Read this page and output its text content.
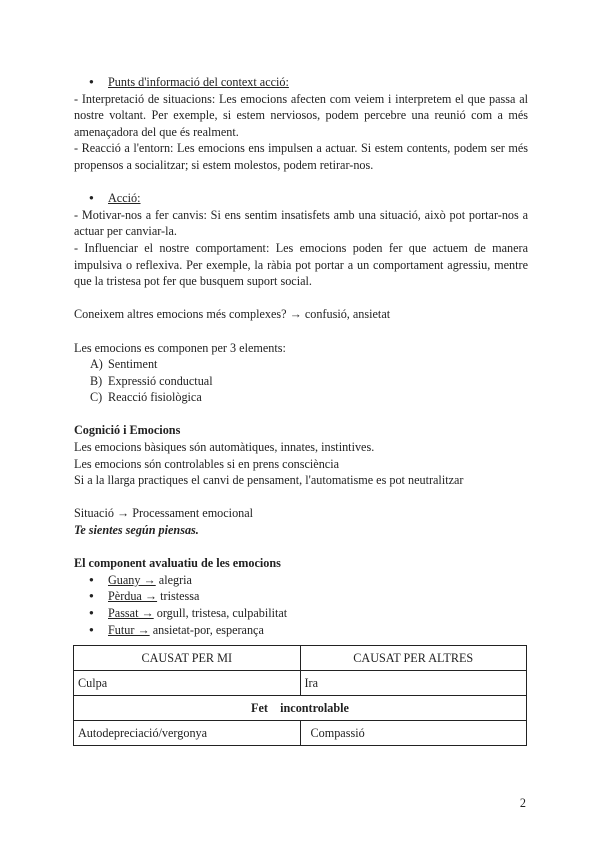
● Punts d'informació del context acció:

- Interpretació de situacions: Les emocions afecten com veiem i interpretem el que passa al nostre voltant. Per exemple, si estem nerviosos, podem percebre una reunió com a més amenaçadora del que és realment.
- Reacció a l'entorn: Les emocions ens impulsen a actuar. Si estem contents, podem ser més propensos a socialitzar; si estem molestos, podem retirar-nos.

● Acció:

- Motivar-nos a fer canvis: Si ens sentim insatisfets amb una situació, això pot portar-nos a actuar per canviar-la.
- Influenciar el nostre comportament: Les emocions poden fer que actuem de manera impulsiva o reflexiva. Per exemple, la ràbia pot portar a un comportament agressiu, mentre que la tristesa pot fer que busquem suport social.

Coneixem altres emocions més complexes? → confusió, ansietat

Les emocions es componen per 3 elements:

A) Sentiment
B) Expressió conductual
C) Reacció fisiològica

Cognició i Emocions

Les emocions bàsiques són automàtiques, innates, instintives.

Les emocions són controlables si en prens consciència

Si a la llarga practiques el canvi de pensament, l'automatisme es pot neutralitzar

Situació → Processament emocional

Te sientes según piensas.

El component avaluatiu de les emocions

● Guany → alegria
● Pèrdua → tristessa
● Passat → orgull, tristesa, culpabilitat
● Futur → ansietat-por, esperança
CAUSAT PER MI	CAUSAT PER ALTRES
Culpa	Ira
Fet    incontrolable	
Autodepreciació/vergonya	Compassió
2
